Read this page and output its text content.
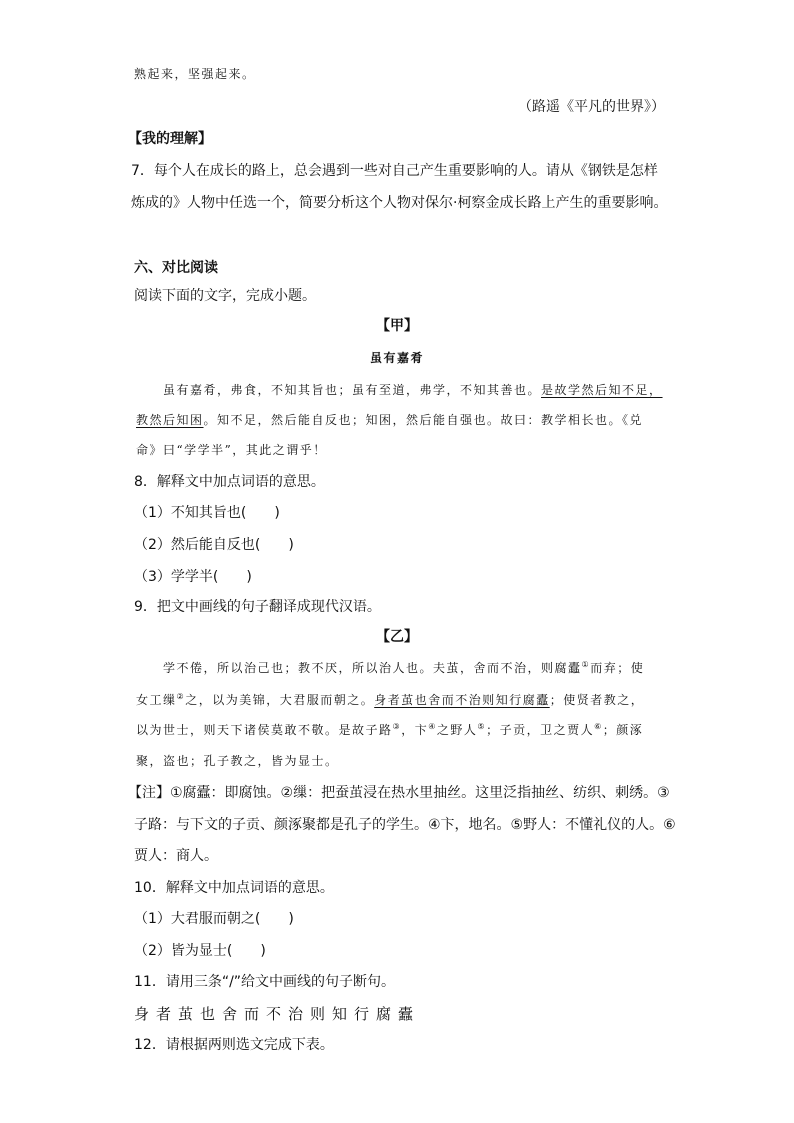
熟起来，坚强起来。
（路遥《平凡的世界》）
【我的理解】
7．每个人在成长的路上，总会遇到一些对自己产生重要影响的人。请从《钢铁是怎样
炼成的》人物中任选一个，简要分析这个人物对保尔·柯察金成长路上产生的重要影响。
六、对比阅读
阅读下面的文字，完成小题。
【甲】
虽有嘉肴
虽有嘉肴，弗食，不知其旨也；虽有至道，弗学，不知其善也。是故学然后知不足，
教然后知困。知不足，然后能自反也；知困，然后能自强也。故曰：教学相长也。《兑
命》曰“学学半”，其此之谓乎！
8．解释文中加点词语的意思。
（1）不知其旨也(　　)
（2）然后能自反也(　　)
（3）学学半(　　)
9．把文中画线的句子翻译成现代汉语。
【乙】
学不倦，所以治己也；教不厌，所以治人也。夫茧，舍而不治，则腐蠹①而弃；使
女工缫②之，以为美锦，大君服而朝之。身者茧也舍而不治则知行腐蠹；使贤者教之，
以为世士，则天下诸侯莫敢不敬。是故子路③，卞④之野人⑤；子贡，卫之贾人⑥；颜涿
聚，盗也；孔子教之，皆为显士。
【注】①腐蠹：即腐蚀。②缫：把蚕茧浸在热水里抽丝。这里泛指抽丝、纺织、刺绣。③
子路：与下文的子贡、颜涿聚都是孔子的学生。④卞，地名。⑤野人：不懂礼仪的人。⑥
贾人：商人。
10．解释文中加点词语的意思。
（1）大君服而朝之(　　)
（2）皆为显士(　　)
11．请用三条“/”给文中画线的句子断句。
身者茧也舍而不治则知行腐蠹
12．请根据两则选文完成下表。
